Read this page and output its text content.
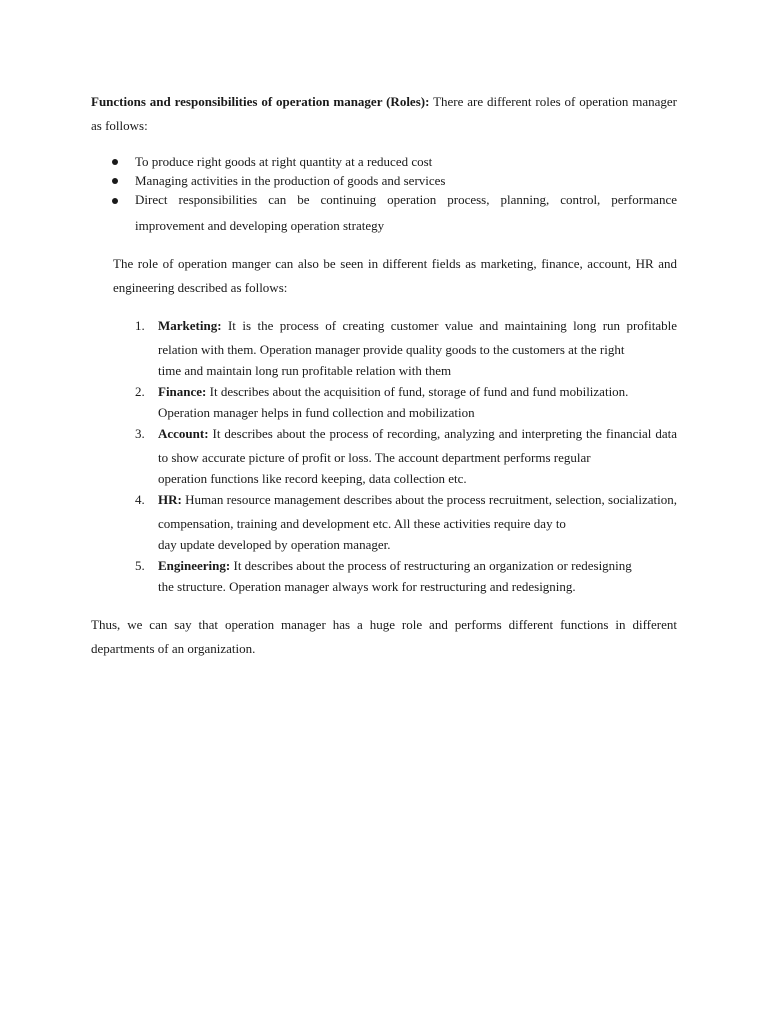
Functions and responsibilities of operation manager (Roles): There are different roles of operation manager as follows:

To produce right goods at right quantity at a reduced cost
Managing activities in the production of goods and services
Direct responsibilities can be continuing operation process, planning, control, performance improvement and developing operation strategy

The role of operation manger can also be seen in different fields as marketing, finance, account, HR and engineering described as follows:

1. Marketing: It is the process of creating customer value and maintaining long run profitable relation with them. Operation manager provide quality goods to the customers at the right
time and maintain long run profitable relation with them
2. Finance: It describes about the acquisition of fund, storage of fund and fund mobilization.
Operation manager helps in fund collection and mobilization
3. Account: It describes about the process of recording, analyzing and interpreting the financial data to show accurate picture of profit or loss. The account department performs regular
operation functions like record keeping, data collection etc.
4. HR: Human resource management describes about the process recruitment, selection, socialization, compensation, training and development etc. All these activities require day to
day update developed by operation manager.
5. Engineering: It describes about the process of restructuring an organization or redesigning
the structure. Operation manager always work for restructuring and redesigning.

Thus, we can say that operation manager has a huge role and performs different functions in different departments of an organization.
